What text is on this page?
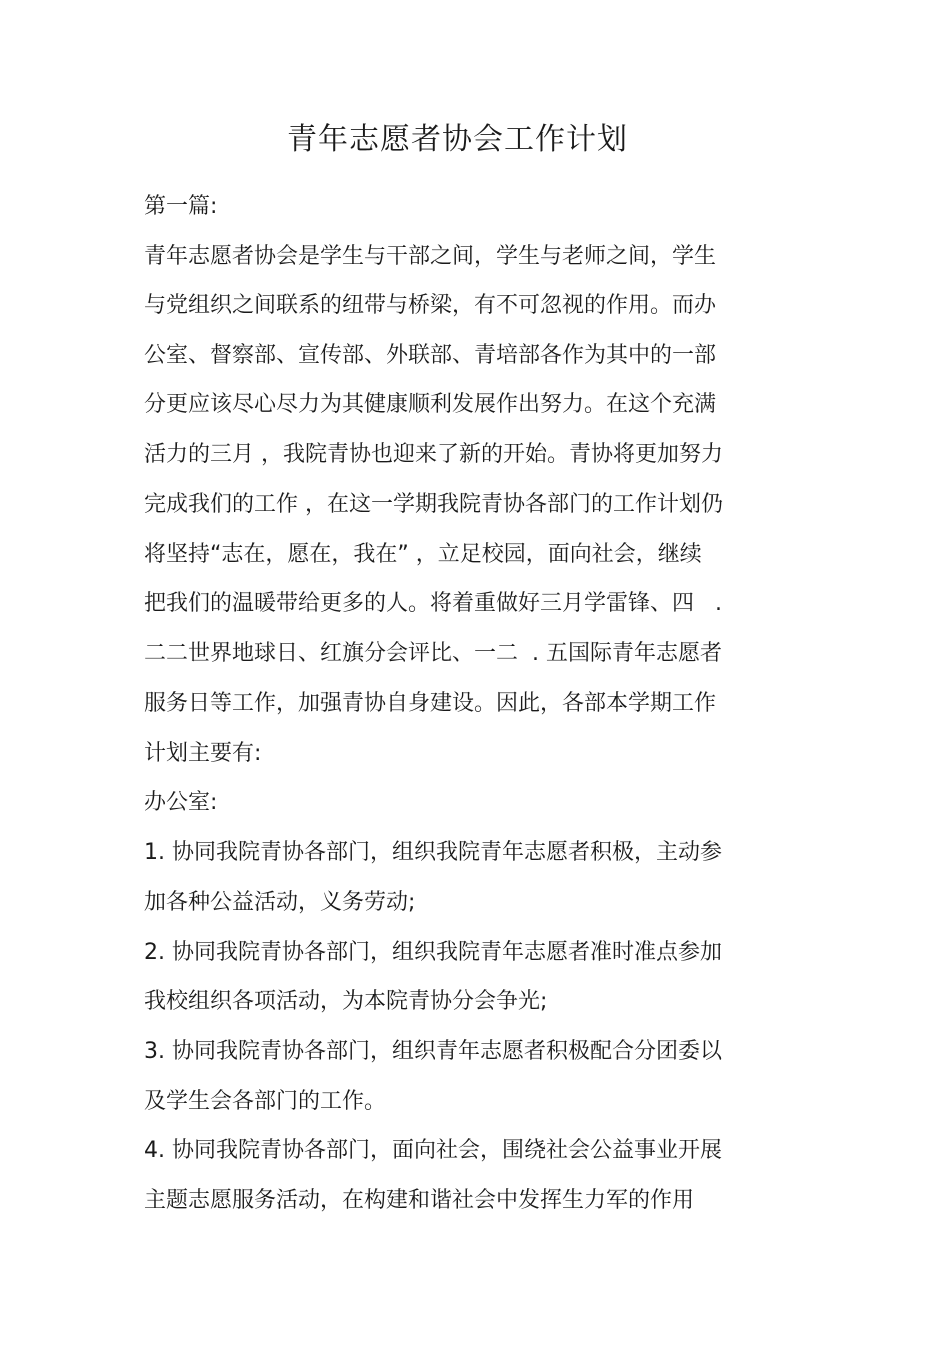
青年志愿者协会工作计划
第一篇:
青年志愿者协会是学生与干部之间，学生与老师之间，学生
与党组织之间联系的纽带与桥梁，有不可忽视的作用。而办
公室、督察部、宣传部、外联部、青培部各作为其中的一部
分更应该尽心尽力为其健康顺利发展作出努力。在这个充满
活力的三月 ，我院青协也迎来了新的开始。青协将更加努力
完成我们的工作 ，在这一学期我院青协各部门的工作计划仍
将坚持“志在，愿在，我在” ，立足校园，面向社会，继续
把我们的温暖带给更多的人。将着重做好三月学雷锋、四   .
二二世界地球日、红旗分会评比、一二  . 五国际青年志愿者
服务日等工作，加强青协自身建设。因此，各部本学期工作
计划主要有:
办公室:
1. 协同我院青协各部门，组织我院青年志愿者积极，主动参
加各种公益活动，义务劳动;
2. 协同我院青协各部门，组织我院青年志愿者准时准点参加
我校组织各项活动，为本院青协分会争光;
3. 协同我院青协各部门，组织青年志愿者积极配合分团委以
及学生会各部门的工作。
4. 协同我院青协各部门，面向社会，围绕社会公益事业开展
主题志愿服务活动，在构建和谐社会中发挥生力军的作用
